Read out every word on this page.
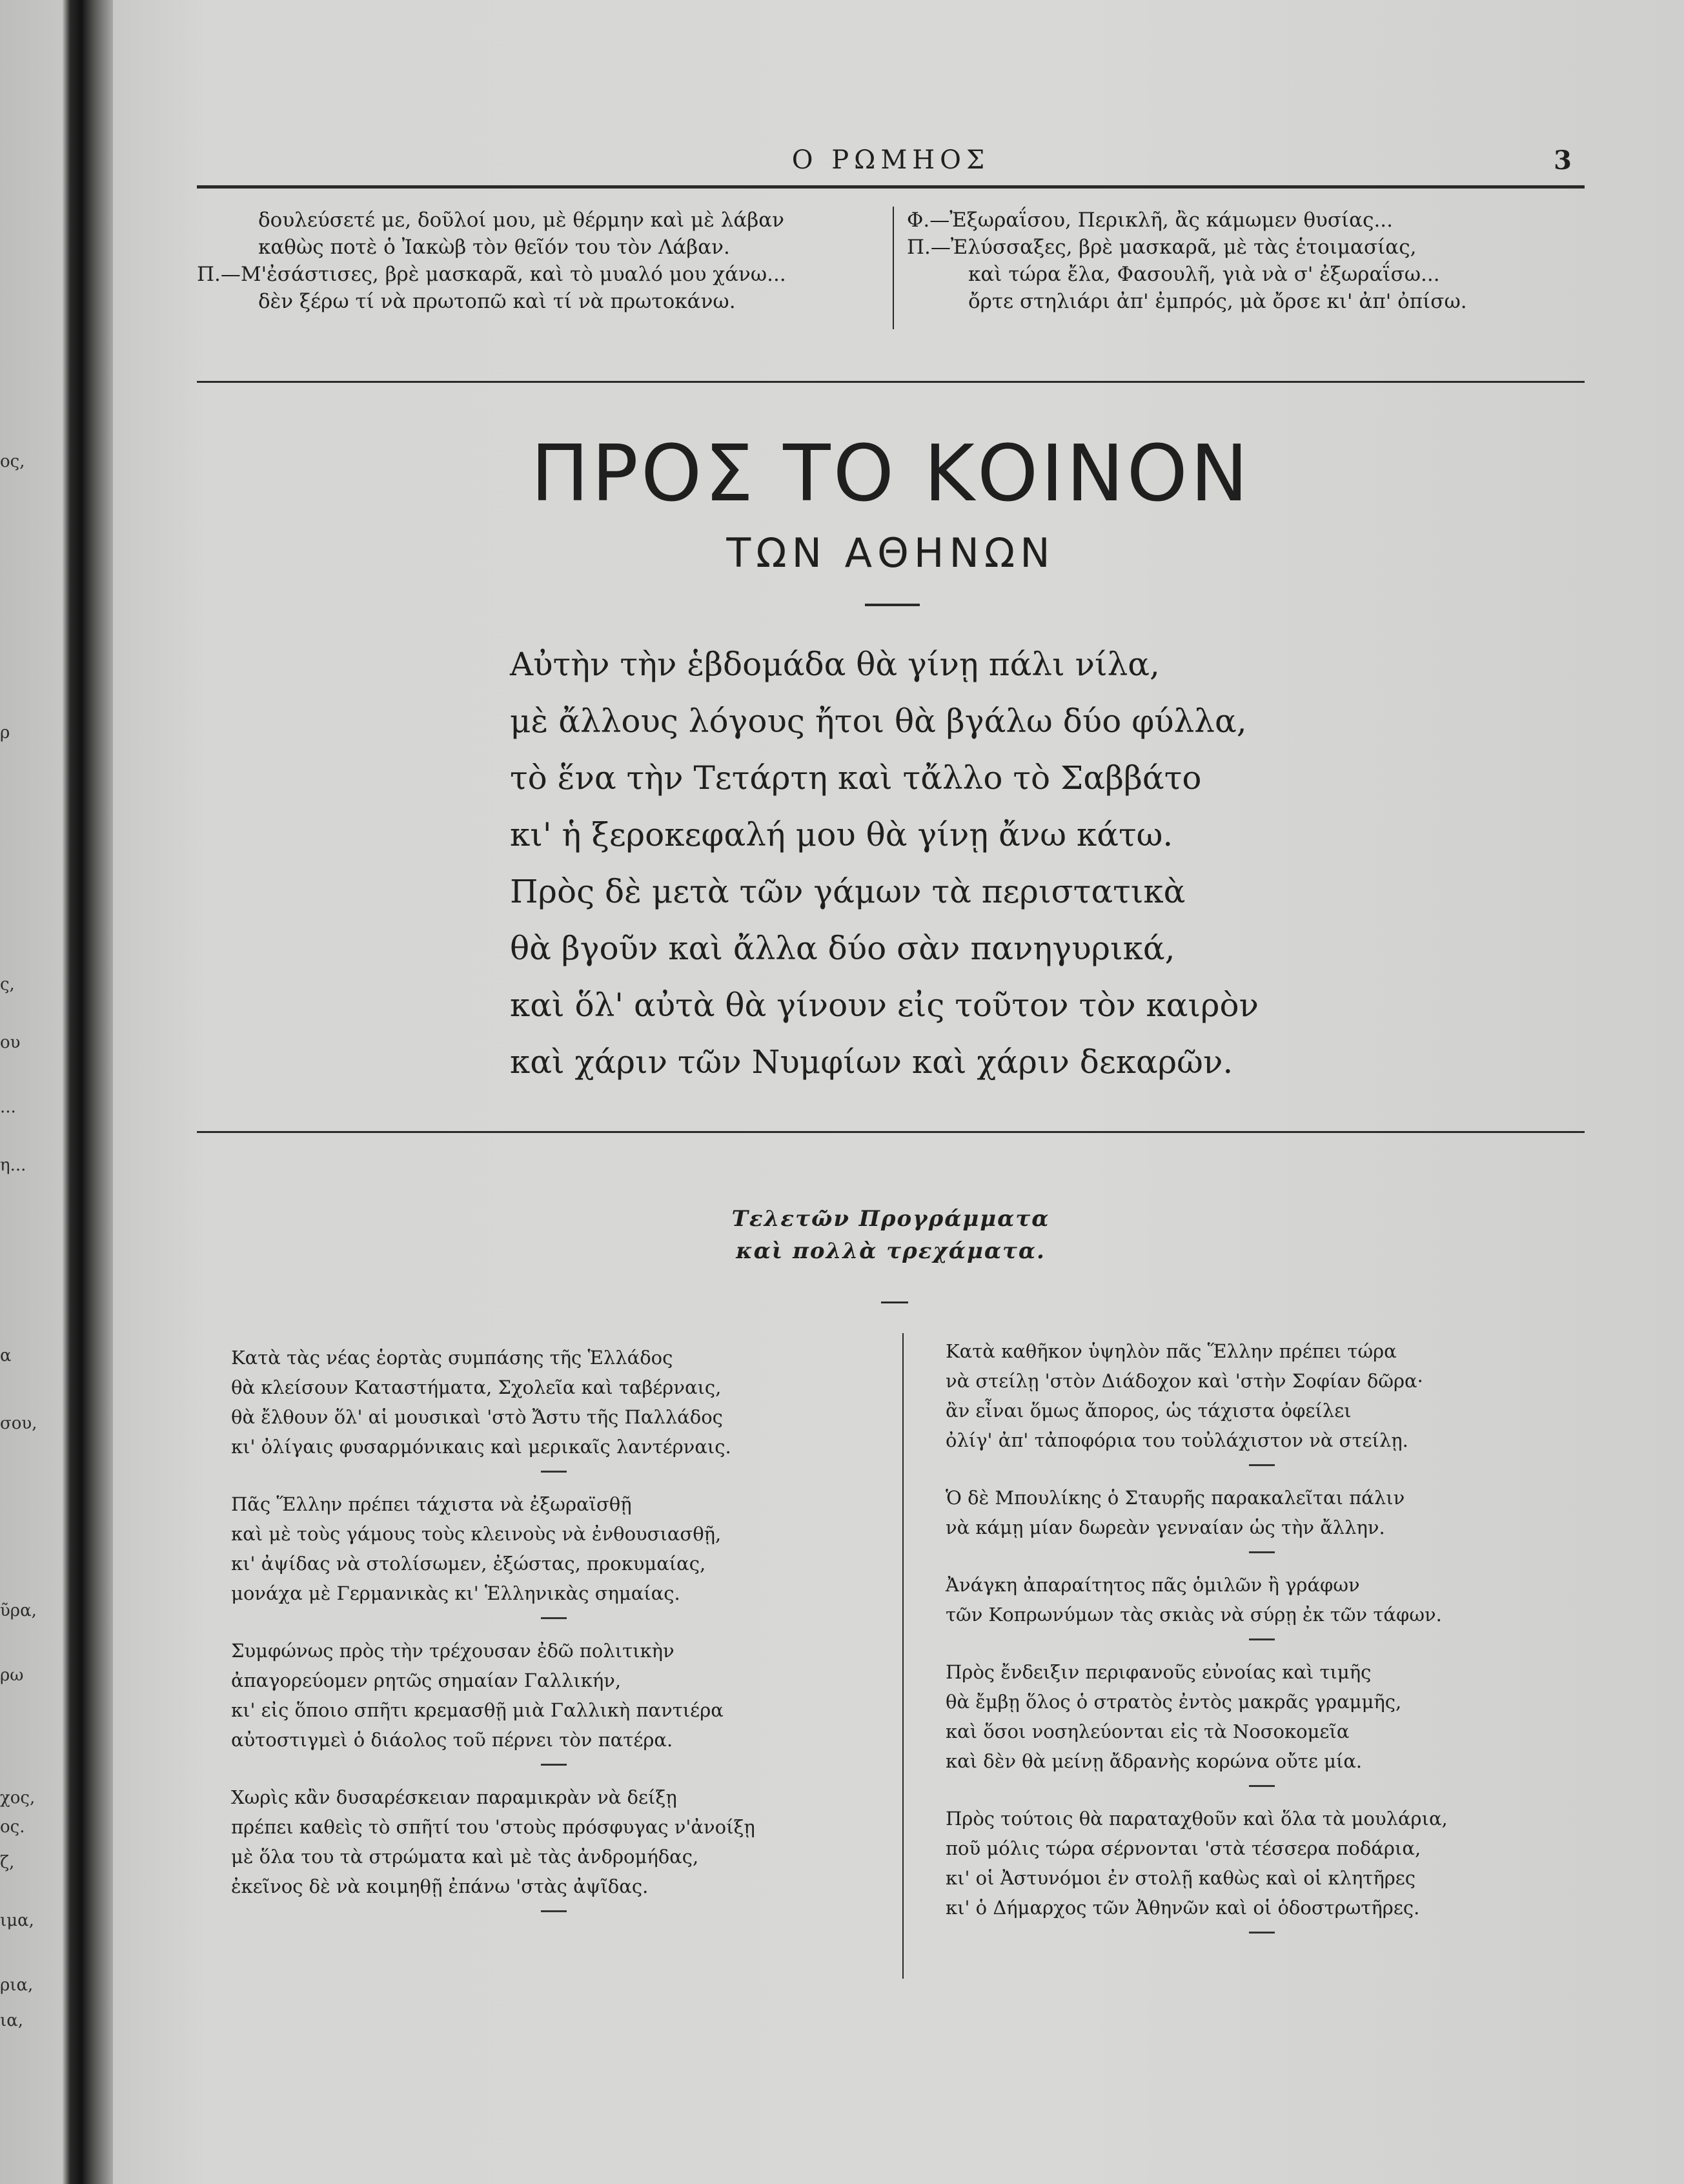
ος,
ρ
ς,
ου
...
η...
α
σου,
ῦρα,
ρω
χος,
ος.
ζ,
ιμα,
ρια,
ια,
Ο ΡΩΜΗΟΣ	3
δουλεύσετέ με, δοῦλοί μου, μὲ θέρμην καὶ μὲ λάβαν
καθὼς ποτὲ ὁ Ἰακὼβ τὸν θεῖόν του τὸν Λάβαν.
Π.—Μ'ἐσάστισες, βρὲ μασκαρᾶ, καὶ τὸ μυαλό μου χάνω...
δὲν ξέρω τί νὰ πρωτοπῶ καὶ τί νὰ πρωτοκάνω.
Φ.—Ἐξωραΐσου, Περικλῆ, ἂς κάμωμεν θυσίας...
Π.—Ἐλύσσαξες, βρὲ μασκαρᾶ, μὲ τὰς ἑτοιμασίας,
καὶ τώρα ἔλα, Φασουλῆ, γιὰ νὰ σ' ἐξωραΐσω...
ὄρτε στηλιάρι ἀπ' ἐμπρός, μὰ ὄρσε κι' ἀπ' ὀπίσω.
ΠΡΟΣ ΤΟ ΚΟΙΝΟΝ
ΤΩΝ ΑΘΗΝΩΝ
Αὐτὴν τὴν ἑβδομάδα θὰ γίνῃ πάλι νίλα,
μὲ ἄλλους λόγους ἤτοι θὰ βγάλω δύο φύλλα,
τὸ ἕνα τὴν Τετάρτη καὶ τἄλλο τὸ Σαββάτο
κι' ἡ ξεροκεφαλή μου θὰ γίνῃ ἄνω κάτω.
Πρὸς δὲ μετὰ τῶν γάμων τὰ περιστατικὰ
θὰ βγοῦν καὶ ἄλλα δύο σὰν πανηγυρικά,
καὶ ὅλ' αὐτὰ θὰ γίνουν εἰς τοῦτον τὸν καιρὸν
καὶ χάριν τῶν Νυμφίων καὶ χάριν δεκαρῶν.
Τελετῶν Προγράμματα
καὶ πολλὰ τρεχάματα.
Κατὰ τὰς νέας ἑορτὰς συμπάσης τῆς Ἑλλάδος
θὰ κλείσουν Καταστήματα, Σχολεῖα καὶ ταβέρναις,
θὰ ἔλθουν ὅλ' αἱ μουσικαὶ 'στὸ Ἄστυ τῆς Παλλάδος
κι' ὀλίγαις φυσαρμόνικαις καὶ μερικαῖς λαντέρναις.
Πᾶς Ἕλλην πρέπει τάχιστα νὰ ἐξωραϊσθῇ
καὶ μὲ τοὺς γάμους τοὺς κλεινοὺς νὰ ἐνθουσιασθῇ,
κι' ἀψίδας νὰ στολίσωμεν, ἐξώστας, προκυμαίας,
μονάχα μὲ Γερμανικὰς κι' Ἑλληνικὰς σημαίας.
Συμφώνως πρὸς τὴν τρέχουσαν ἐδῶ πολιτικὴν
ἀπαγορεύομεν ρητῶς σημαίαν Γαλλικήν,
κι' εἰς ὅποιο σπῆτι κρεμασθῇ μιὰ Γαλλικὴ παντιέρα
αὐτοστιγμεὶ ὁ διάολος τοῦ πέρνει τὸν πατέρα.
Χωρὶς κἂν δυσαρέσκειαν παραμικρὰν νὰ δείξῃ
πρέπει καθεὶς τὸ σπῆτί του 'στοὺς πρόσφυγας ν'ἀνοίξῃ
μὲ ὅλα του τὰ στρώματα καὶ μὲ τὰς ἀνδρομήδας,
ἐκεῖνος δὲ νὰ κοιμηθῇ ἐπάνω 'στὰς ἀψῖδας.
Κατὰ καθῆκον ὑψηλὸν πᾶς Ἕλλην πρέπει τώρα
νὰ στείλῃ 'στὸν Διάδοχον καὶ 'στὴν Σοφίαν δῶρα·
ἂν εἶναι ὅμως ἄπορος, ὡς τάχιστα ὀφείλει
ὀλίγ' ἀπ' τἀποφόρια του τοὐλάχιστον νὰ στείλῃ.
Ὁ δὲ Μπουλίκης ὁ Σταυρῆς παρακαλεῖται πάλιν
νὰ κάμῃ μίαν δωρεὰν γενναίαν ὡς τὴν ἄλλην.
Ἀνάγκη ἀπαραίτητος πᾶς ὁμιλῶν ἢ γράφων
τῶν Κοπρωνύμων τὰς σκιὰς νὰ σύρῃ ἐκ τῶν τάφων.
Πρὸς ἔνδειξιν περιφανοῦς εὐνοίας καὶ τιμῆς
θὰ ἔμβῃ ὅλος ὁ στρατὸς ἐντὸς μακρᾶς γραμμῆς,
καὶ ὅσοι νοσηλεύονται εἰς τὰ Νοσοκομεῖα
καὶ δὲν θὰ μείνῃ ἄδρανὴς κορώνα οὔτε μία.
Πρὸς τούτοις θὰ παραταχθοῦν καὶ ὅλα τὰ μουλάρια,
ποῦ μόλις τώρα σέρνονται 'στὰ τέσσερα ποδάρια,
κι' οἱ Ἀστυνόμοι ἐν στολῇ καθὼς καὶ οἱ κλητῆρες
κι' ὁ Δήμαρχος τῶν Ἀθηνῶν καὶ οἱ ὁδοστρωτῆρες.
